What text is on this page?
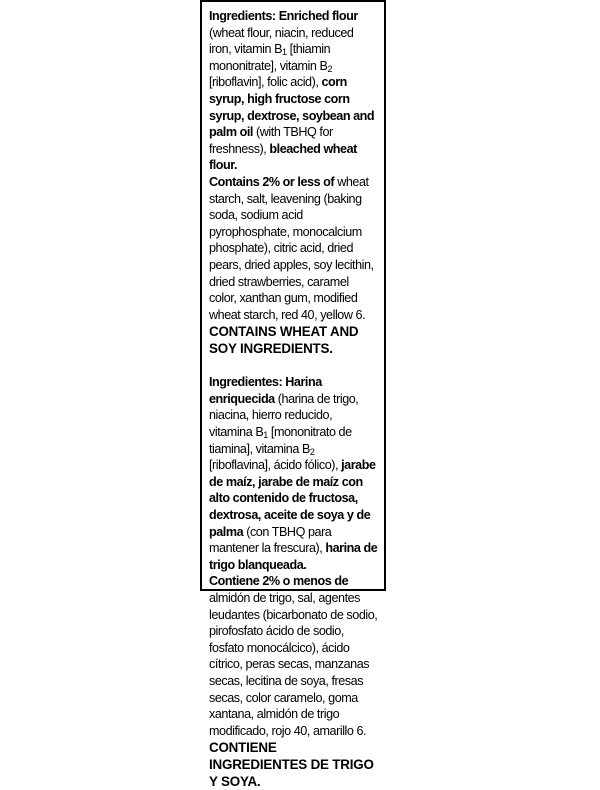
Ingredients: Enriched flour (wheat flour, niacin, reduced iron, vitamin $B_1$ [thiamin mononitrate], vitamin $B_2$ [riboflavin], folic acid), corn syrup, high fructose corn syrup, dextrose, soybean and palm oil (with TBHQ for freshness), bleached wheat flour.

Contains 2% or less of wheat starch, salt, leavening (baking soda, sodium acid pyrophosphate, monocalcium phosphate), citric acid, dried pears, dried apples, soy lecithin, dried strawberries, caramel color, xanthan gum, modified wheat starch, red 40, yellow 6.

CONTAINS WHEAT AND SOY INGREDIENTS.

Ingredientes: Harina enriquecida (harina de trigo, niacina, hierro reducido, vitamina $B_1$ [mononitrato de tiamina], vitamina $B_2$ [riboflavina], ácido fólico), jarabe de maíz, jarabe de maíz con alto contenido de fructosa, dextrosa, aceite de soya y de palma (con TBHQ para mantener la frescura), harina de trigo blanqueada.

Contiene 2% o menos de almidón de trigo, sal, agentes leudantes (bicarbonato de sodio, pirofosfato ácido de sodio, fosfato monocálcico), ácido cítrico, peras secas, manzanas secas, lecitina de soya, fresas secas, color caramelo, goma xantana, almidón de trigo modificado, rojo 40, amarillo 6.

CONTIENE INGREDIENTES DE TRIGO Y SOYA.
